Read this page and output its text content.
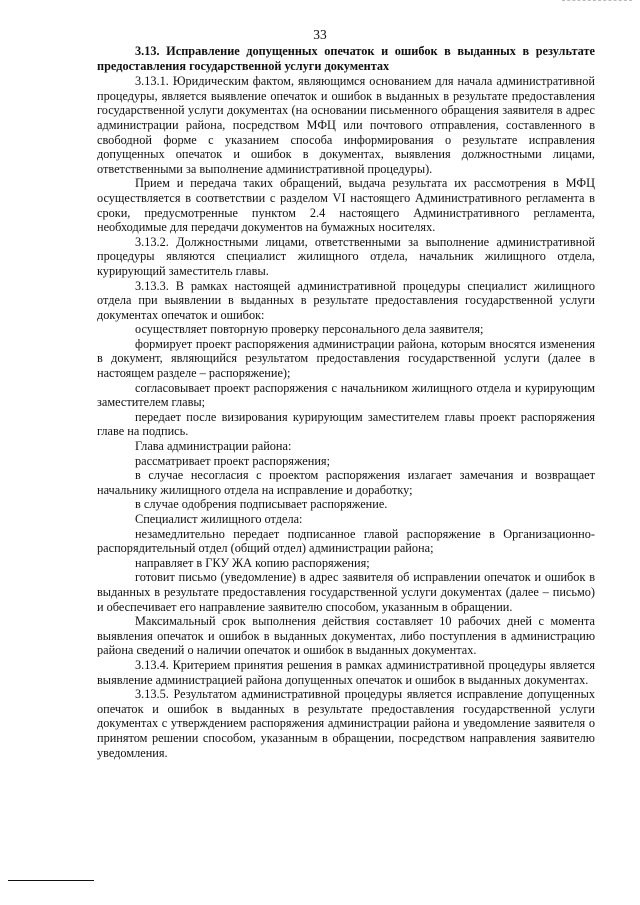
33

3.13. Исправление допущенных опечаток и ошибок в выданных в результате предоставления государственной услуги документах

3.13.1. Юридическим фактом, являющимся основанием для начала административной процедуры, является выявление опечаток и ошибок в выданных в результате предоставления государственной услуги документах (на основании письменного обращения заявителя в адрес администрации района, посредством МФЦ или почтового отправления, составленного в свободной форме с указанием способа информирования о результате исправления допущенных опечаток и ошибок в документах, выявления должностными лицами, ответственными за выполнение административной процедуры).

Прием и передача таких обращений, выдача результата их рассмотрения в МФЦ осуществляется в соответствии с разделом VI настоящего Административного регламента в сроки, предусмотренные пунктом 2.4 настоящего Административного регламента, необходимые для передачи документов на бумажных носителях.

3.13.2. Должностными лицами, ответственными за выполнение административной процедуры являются специалист жилищного отдела, начальник жилищного отдела, курирующий заместитель главы.

3.13.3. В рамках настоящей административной процедуры специалист жилищного отдела при выявлении в выданных в результате предоставления государственной услуги документах опечаток и ошибок:

осуществляет повторную проверку персонального дела заявителя;

формирует проект распоряжения администрации района, которым вносятся изменения в документ, являющийся результатом предоставления государственной услуги (далее в настоящем разделе – распоряжение);

согласовывает проект распоряжения с начальником жилищного отдела и курирующим заместителем главы;

передает после визирования курирующим заместителем главы проект распоряжения главе на подпись.

Глава администрации района:

рассматривает проект распоряжения;

в случае несогласия с проектом распоряжения излагает замечания и возвращает начальнику жилищного отдела на исправление и доработку;

в случае одобрения подписывает распоряжение.

Специалист жилищного отдела:

незамедлительно передает подписанное главой распоряжение в Организационно-распорядительный отдел (общий отдел) администрации района;

направляет в ГКУ ЖА копию распоряжения;

готовит письмо (уведомление) в адрес заявителя об исправлении опечаток и ошибок в выданных в результате предоставления государственной услуги документах (далее – письмо) и обеспечивает его направление заявителю способом, указанным в обращении.

Максимальный срок выполнения действия составляет 10 рабочих дней с момента выявления опечаток и ошибок в выданных документах, либо поступления в администрацию района сведений о наличии опечаток и ошибок в выданных документах.

3.13.4. Критерием принятия решения в рамках административной процедуры является выявление администрацией района допущенных опечаток и ошибок в выданных документах.

3.13.5. Результатом административной процедуры является исправление допущенных опечаток и ошибок в выданных в результате предоставления государственной услуги документах с утверждением распоряжения администрации района и уведомление заявителя о принятом решении способом, указанным в обращении, посредством направления заявителю уведомления.
